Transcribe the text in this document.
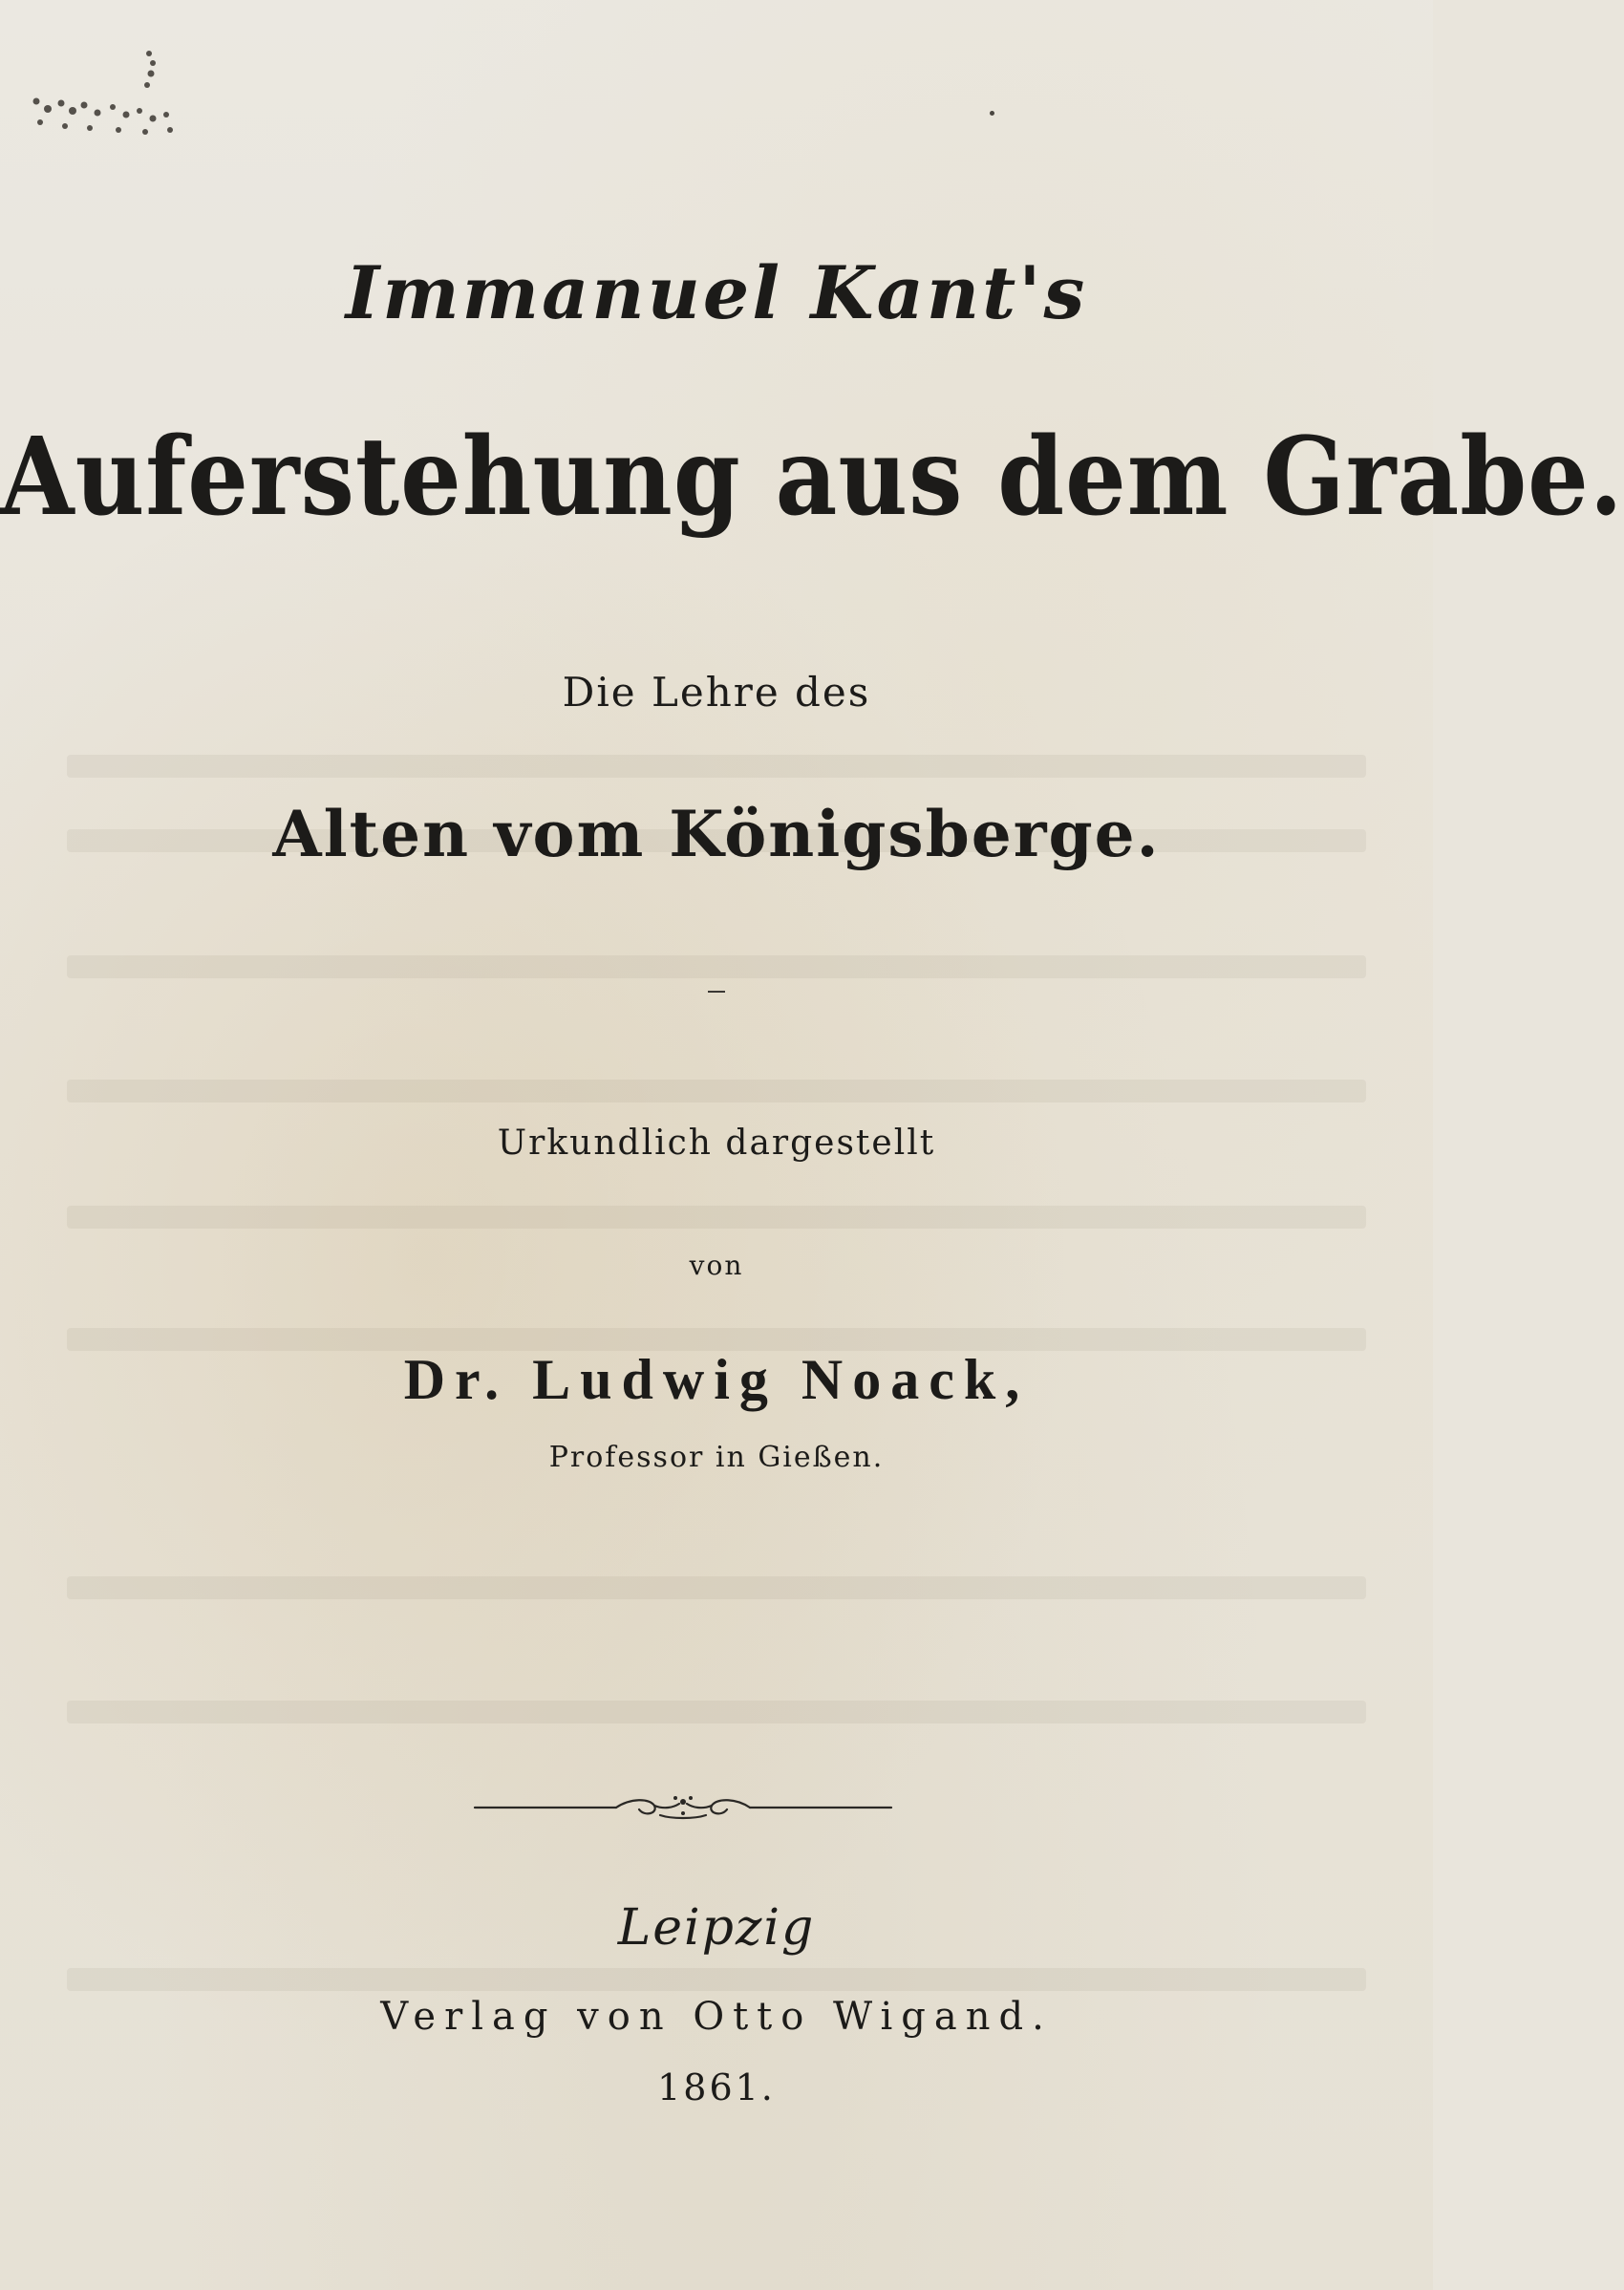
Immanuel Kant's
Auferstehung aus dem Grabe.

Die Lehre des

Alten vom Königsberge.

Urkundlich dargestellt

von

Dr. Ludwig Noack,

Professor in Gießen.

Leipzig

Verlag von Otto Wigand.

1861.
